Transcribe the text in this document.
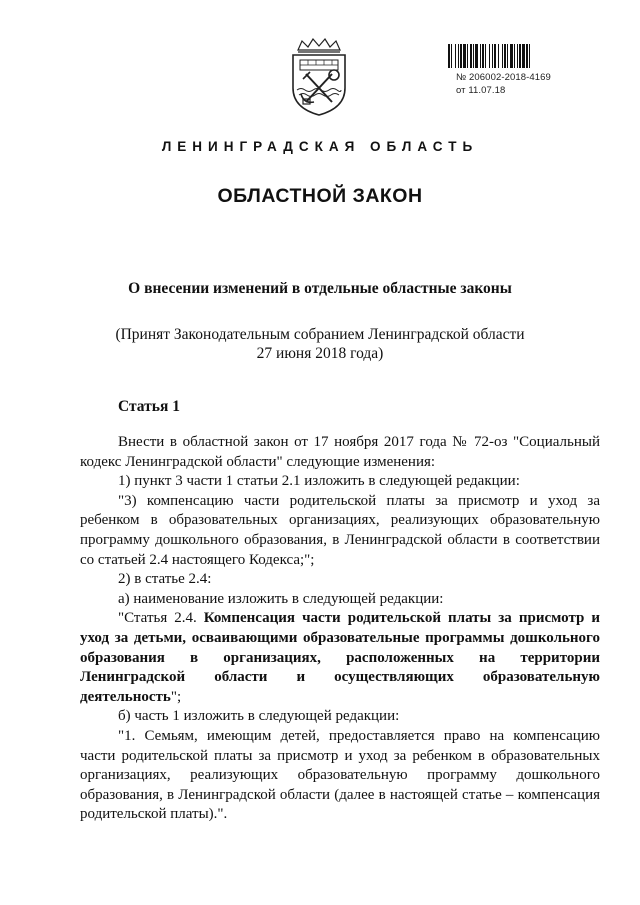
№ 206002-2018-4169
от 11.07.18
ЛЕНИНГРАДСКАЯ ОБЛАСТЬ
ОБЛАСТНОЙ ЗАКОН
О внесении изменений в отдельные областные законы
(Принят Законодательным собранием Ленинградской области
27 июня 2018 года)
Статья 1

Внести в областной закон от 17 ноября 2017 года № 72-оз "Социальный кодекс Ленинградской области" следующие изменения:

1) пункт 3 части 1 статьи 2.1 изложить в следующей редакции:

"3) компенсацию части родительской платы за присмотр и уход за ребенком в образовательных организациях, реализующих образовательную программу дошкольного образования, в Ленинградской области в соответствии со статьей 2.4 настоящего Кодекса;";

2) в статье 2.4:

а) наименование изложить в следующей редакции:

"Статья 2.4. Компенсация части родительской платы за присмотр и уход за детьми, осваивающими образовательные программы дошкольного образования в организациях, расположенных на территории Ленинградской области и осуществляющих образовательную деятельность";

б) часть 1 изложить в следующей редакции:

"1. Семьям, имеющим детей, предоставляется право на компенсацию части родительской платы за присмотр и уход за ребенком в образовательных организациях, реализующих образовательную программу дошкольного образования, в Ленинградской области (далее в настоящей статье – компенсация родительской платы).".
